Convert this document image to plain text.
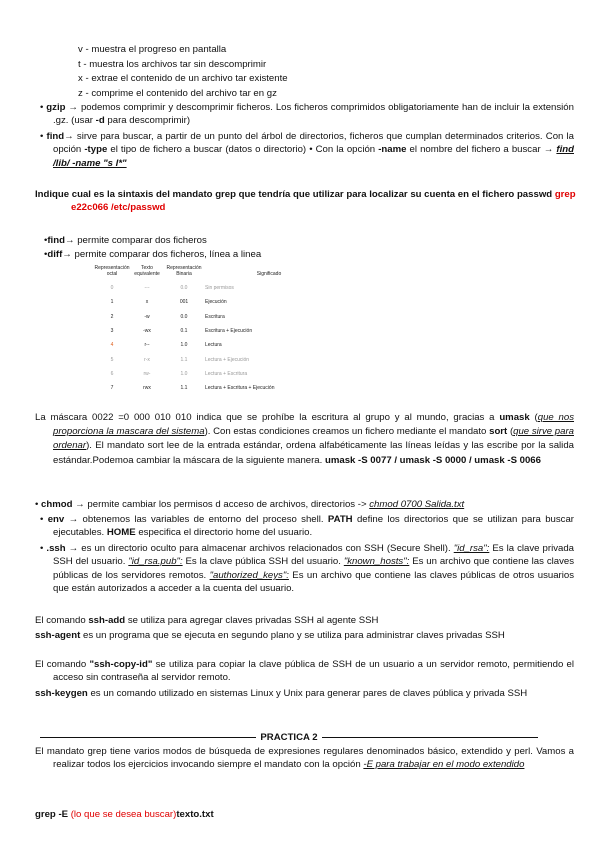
v - muestra el progreso en pantalla
t - muestra los archivos tar sin descomprimir
x - extrae el contenido de un archivo tar existente
z - comprime el contenido del archivo tar en gz
• gzip → podemos comprimir y descomprimir ficheros. Los ficheros comprimidos obligatoriamente han de incluir la extensión .gz. (usar -d para descomprimir)
• find→ sirve para buscar, a partir de un punto del árbol de directorios, ficheros que cumplan determinados criterios. Con la opción -type el tipo de fichero a buscar (datos o directorio) • Con la opción -name el nombre del fichero a buscar → find /lib/ -name "s l*"
Indique cual es la sintaxis del mandato grep que tendría que utilizar para localizar su cuenta en el fichero passwd grep e22c066 /etc/passwd
•find→ permite comparar dos ficheros
•diff→ permite comparar dos ficheros, línea a linea
Representación octal	Texto equivalente	Representación Binaria	Significado
0	---	0.0	Sin permisos
1	x	001	Ejecución
2	-w	0.0	Escritura
3	-wx	0.1	Escritura + Ejecución
4	r--	1.0	Lectura
5	r-x	1.1	Lectura + Ejecución
6	rw-	1.0	Lectura + Escritura
7	rwx	1.1	Lectura + Escritura + Ejecución
La máscara 0022 =0 000 010 010 indica que se prohíbe la escritura al grupo y al mundo, gracias a umask (que nos proporciona la mascara del sistema). Con estas condiciones creamos un fichero mediante el mandato sort (que sirve para ordenar). El mandato sort lee de la entrada estándar, ordena alfabéticamente las líneas leídas y las escribe por la salida estándar.Podemoa cambiar la máscara de la siguiente manera. umask -S 0077 / umask -S 0000 / umask -S 0066
• chmod → permite cambiar los permisos d acceso de archivos, directorios -> chmod 0700 Salida.txt
• env → obtenemos las variables de entorno del proceso shell. PATH define los directorios que se utilizan para buscar ejecutables. HOME especifica el directorio home del usuario.
• .ssh → es un directorio oculto para almacenar archivos relacionados con SSH (Secure Shell). "id_rsa": Es la clave privada SSH del usuario. "id_rsa.pub": Es la clave pública SSH del usuario. "known_hosts": Es un archivo que contiene las claves públicas de los servidores remotos. "authorized_keys": Es un archivo que contiene las claves públicas de otros usuarios que están autorizados a acceder a la cuenta del usuario.
El comando ssh-add se utiliza para agregar claves privadas SSH al agente SSH
ssh-agent es un programa que se ejecuta en segundo plano y se utiliza para administrar claves privadas SSH
El comando "ssh-copy-id" se utiliza para copiar la clave pública de SSH de un usuario a un servidor remoto, permitiendo el acceso sin contraseña al servidor remoto.
ssh-keygen es un comando utilizado en sistemas Linux y Unix para generar pares de claves pública y privada SSH
PRACTICA 2
El mandato grep tiene varios modos de búsqueda de expresiones regulares denominados básico, extendido y perl. Vamos a realizar todos los ejercicios invocando siempre el mandato con la opción -E para trabajar en el modo extendido
grep -E (lo que se desea buscar)texto.txt
